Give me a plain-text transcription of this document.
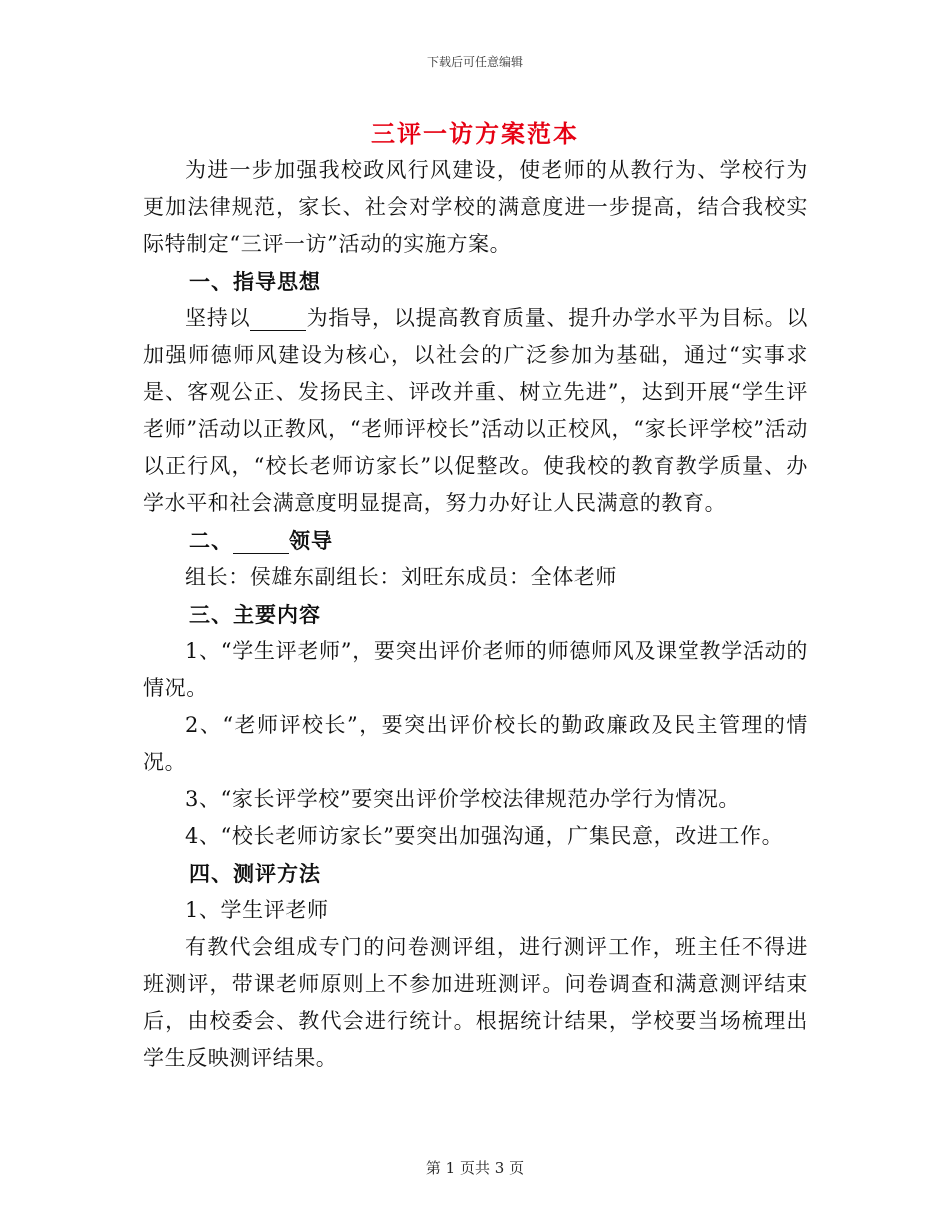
下载后可任意编辑
三评一访方案范本

为进一步加强我校政风行风建设，使老师的从教行为、学校行为更加法律规范，家长、社会对学校的满意度进一步提高，结合我校实际特制定“三评一访”活动的实施方案。

一、指导思想

坚持以	为指导，以提高教育质量、提升办学水平为目标。以加强师德师风建设为核心，以社会的广泛参加为基础，通过“实事求是、客观公正、发扬民主、评改并重、树立先进”，达到开展“学生评老师”活动以正教风，“老师评校长”活动以正校风，“家长评学校”活动以正行风，“校长老师访家长”以促整改。使我校的教育教学质量、办学水平和社会满意度明显提高，努力办好让人民满意的教育。

二、	领导

组长：侯雄东副组长：刘旺东成员：全体老师

三、主要内容

1、“学生评老师”，要突出评价老师的师德师风及课堂教学活动的情况。

2、“老师评校长”，要突出评价校长的勤政廉政及民主管理的情况。

3、“家长评学校”要突出评价学校法律规范办学行为情况。

4、“校长老师访家长”要突出加强沟通，广集民意，改进工作。

四、测评方法

1、学生评老师

有教代会组成专门的问卷测评组，进行测评工作，班主任不得进班测评，带课老师原则上不参加进班测评。问卷调查和满意测评结束后，由校委会、教代会进行统计。根据统计结果，学校要当场梳理出学生反映测评结果。

第 1 页共 3 页
